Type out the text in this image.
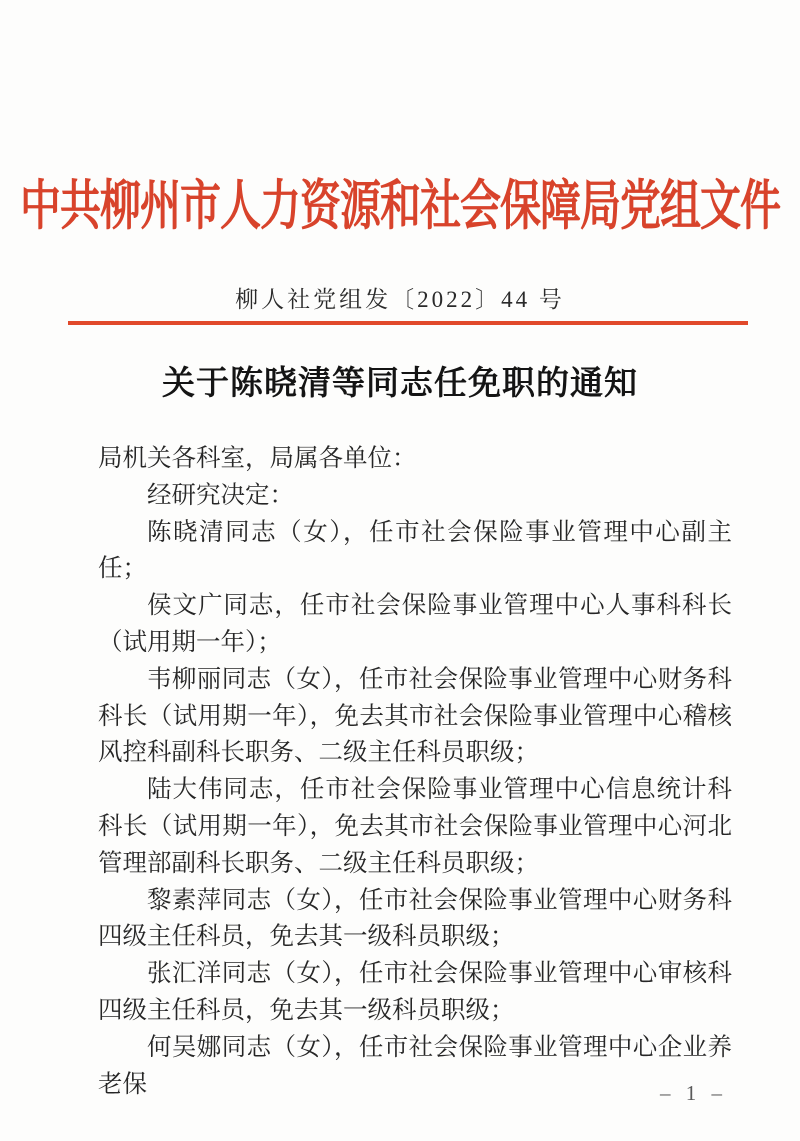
中共柳州市人力资源和社会保障局党组文件
柳人社党组发〔2022〕44 号
关于陈晓清等同志任免职的通知

局机关各科室，局属各单位：

经研究决定：

陈晓清同志（女），任市社会保险事业管理中心副主任；

侯文广同志，任市社会保险事业管理中心人事科科长（试用期一年）；

韦柳丽同志（女），任市社会保险事业管理中心财务科科长（试用期一年），免去其市社会保险事业管理中心稽核风控科副科长职务、二级主任科员职级；

陆大伟同志，任市社会保险事业管理中心信息统计科科长（试用期一年），免去其市社会保险事业管理中心河北管理部副科长职务、二级主任科员职级；

黎素萍同志（女），任市社会保险事业管理中心财务科四级主任科员，免去其一级科员职级；

张汇洋同志（女），任市社会保险事业管理中心审核科四级主任科员，免去其一级科员职级；

何吴娜同志（女），任市社会保险事业管理中心企业养老保	– 1 –
